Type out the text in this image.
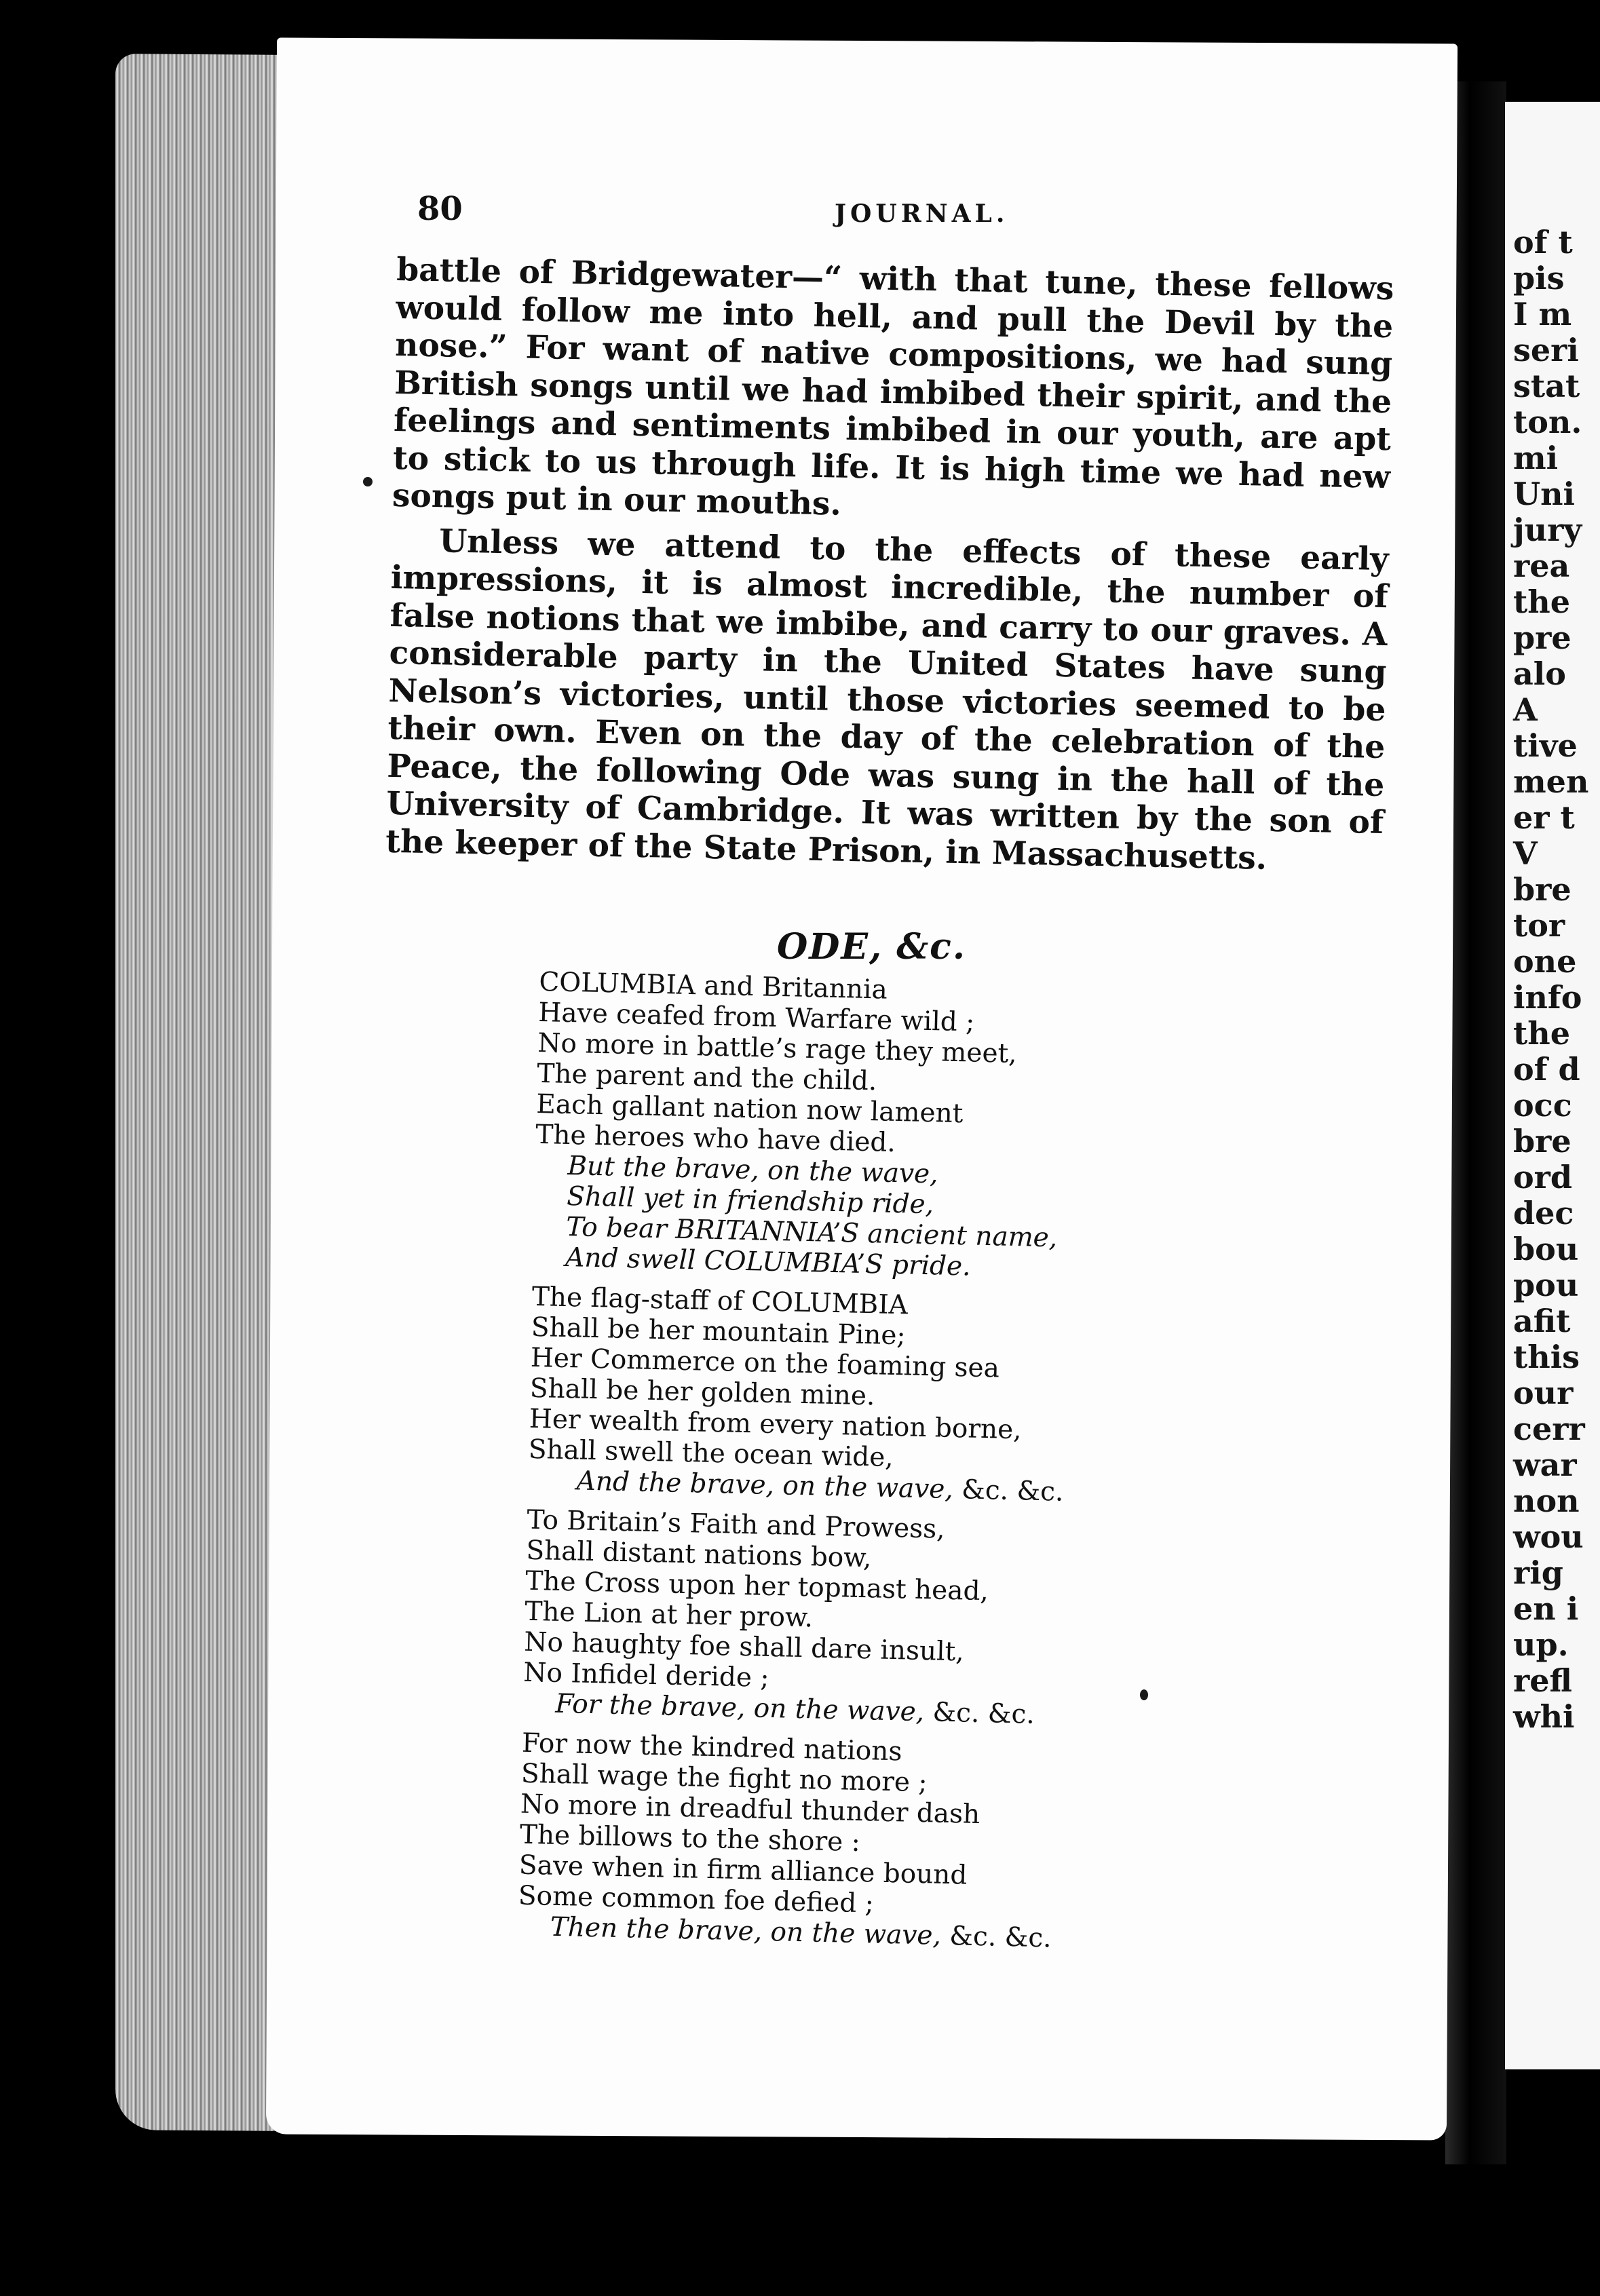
of t
pis
I m
seri
stat
ton.
mi
Uni
jury
rea
the
pre
alo
A
tive
men
er t
V
bre
tor
one
info
the
of d
occ
bre
ord
dec
bou
pou
afit
this
our
cerr
war
non
wou
rig
en i
up.
refl
whi
80	JOURNAL.

battle of Bridgewater—“ with that tune, these fellows would follow me into hell, and pull the Devil by the nose.” For want of native compositions, we had sung British songs until we had imbibed their spirit, and the feelings and sentiments imbibed in our youth, are apt to stick to us through life. It is high time we had new songs put in our mouths.

Unless we attend to the effects of these early impressions, it is almost incredible, the number of false notions that we imbibe, and carry to our graves. A considerable party in the United States have sung Nelson’s victories, until those victories seemed to be their own. Even on the day of the celebration of the Peace, the following Ode was sung in the hall of the University of Cambridge. It was written by the son of the keeper of the State Prison, in Massachusetts.

ODE, &c.
COLUMBIA and Britannia
Have ceafed from Warfare wild ;
No more in battle’s rage they meet,
The parent and the child.
Each gallant nation now lament
The heroes who have died.
But the brave, on the wave,
Shall yet in friendship ride,
To bear BRITANNIA’S ancient name,
And swell COLUMBIA’S pride.
The flag-staff of COLUMBIA
Shall be her mountain Pine;
Her Commerce on the foaming sea
Shall be her golden mine.
Her wealth from every nation borne,
Shall swell the ocean wide,
And the brave, on the wave, &c. &c.
To Britain’s Faith and Prowess,
Shall distant nations bow,
The Cross upon her topmast head,
The Lion at her prow.
No haughty foe shall dare insult,
No Infidel deride ;
For the brave, on the wave, &c. &c.
For now the kindred nations
Shall wage the fight no more ;
No more in dreadful thunder dash
The billows to the shore :
Save when in firm alliance bound
Some common foe defied ;
Then the brave, on the wave, &c. &c.
